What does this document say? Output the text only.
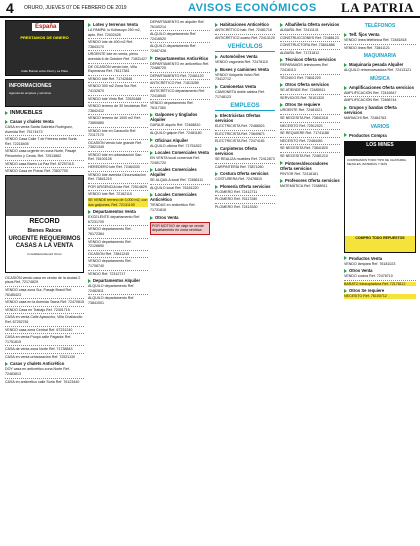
4 ORURO, JUEVES 07 DE FEBRERO DE 2019	AVISOS ECONÓMICOS LA PATRIA
España
PRESTAMOS DE DINERO
Calle Bolívar entre Petot y La Plata
INFORMACIONES
Agencia de empleos y servicios
INMUEBLES
Casas y chalets Venta
CASA en venta Santa Gabriela Rodríguez, Avenida Ref. 75174473
VENDO Casa Calle 7 de Febrero entre Soria. Ref. 72218405
VENDO casa urgente en zona Norte, Pasaje Pelourinho y Ceota. Ref. 72513862
VENDO casa Barrio La Paz Ref. 67297415
VENDO Casa en Potosí Ref. 73837700
RECORD
Bienes Raíces
URGENTE REQUERIMOS CASAS A LA VENTA
Inmobiliaria Record Oruro
OCASIÓN vendo casa en centro de la ciudad 2 pisos Ref. 72174829
VENDO casa zona Sur, Pasaje Brasil Ref. 76185423
VENDO casa en la Avenida Tacna Ref. 72470815
VENDO Casa en Trabajo Ref. 72401715
CASA en venta Calle Ayacucho, Villa Challacollo Ref. 67252781
VENDO casa zona Central Ref. 67231240
CASA en venta Poopó calle Pagador Ref. 71751815
CASA de venta zona Norte Ref. 71738843
CASA en venta urbanización Ref. 72521130
Casas y chalets Anticrético
DOY casa en anticrético zona Norte Ref. 72483813
CASA en anticrético calle Soria Ref. 76123440
Lotes y terrenos Venta
LA PAMPA: lo Kollasuyo 250 m2, apto. Ref. 72402428
VENDO lote de 400 m2 Ref. 73843170
URGENTE lote en venta, pleno avenida 6 de Octubre Ref. 71831427
DE OCASIÓN vendo lote, Villa Esperanza Ref. 76117381
VENDO lote Ref. 71742848
VENDO 300 m2 Zona Sur Ref. 74132870
VENDO lote Vinto Ref. 72520488
VENDO terreno de 30 hectáreas Ref. 73842412
VENDO terreno de 1000 m2 Ref. 73850880
VENDO lote en Caracollo Ref. 72117170
OCASIÓN vendo lote grande Ref. 73821345
VENDO lote en urbanización San Ref. 76100128
HEREDERO lote Ref. 72484330
VENDO lote avenida Circunvalación Ref. 73841219
POR URGENCIA lote Ref. 72514829
VENDO lote Ref. 72162110
SE VENDE terreno de 3,000 m2, con dos galpones, Ref. 72131190
Departamentos Venta
EXCELENTE departamento Ref. 67231700
VENDO departamento Ref. 76172384
VENDO departamento Ref. 72128890
OCASIÓN Ref. 73841245
VENDO departamento Ref. 71708740
VENDO Ref. 72312717
Departamentos Alquiler
ALQUILO departamento Ref. 72482811
ALQUILO departamento Ref. 73841001
DEPARTAMENTO en alquiler Ref. 76100214
ALQUILO departamento Ref. 72416520
ALQUILO departamento Ref. 72487428
Departamentos Anticrético
DEPARTAMENTO en anticrético Ref. 72488725
DEPARTAMENTO Ref. 72481120
ANTICRÉTICO Ref. 71813280
ANTICRÉTICO departamento Ref. 72418540
VENDO departamento Ref. 76117360
Galpones y tinglados Alquiler
GARAJE alquilo Ref. 72468810
ALQUILO galpón Ref. 72481180
Oficinas Alquiler
ALQUILO oficina Ref. 71751822
Locales Comerciales Venta
EN VENTA local comercial Ref. 72481720
Locales Comerciales Alquiler
SE ALQUILA local Ref. 72486111
ALQUILO local Ref. 76181220
Locales Comerciales Anticrético
TIENDAS en anticrético Ref. 71731818
Otros Venta
POR MOTIVO de viaje se vende departamento en zona céntrica
Habitaciones Anticrético
ANTICRÉTICO hab. Ref. 72481716
ANTICRÉTICO cuarto Ref. 72413120
VEHÍCULOS
Automóviles Venta
VENDO vagoneta Ref. 72478110
Buses y camiones Venta
VENDO Volqueta Volvo Ref. 73412712
Camionetas Venta
CAMIONETA doble cabina Ref. 71748123
EMPLEOS
Electricistas Ofertas servicios
ELECTRICISTA Ref. 72486521
ELECTRICISTA Ref. 73849871
ELECTRICISTA Ref. 72474181
Carpinteros Oferta servicios
SE REALIZA muebles Ref. 72412873
CARPINTERÍA Ref. 73871260
Costura Oferta servicios
COSTURERA Ref. 72478810
Plomería Oferta servicios
PLOMERO Ref. 72412711
PLOMERO Ref. 76117280
PLOMERO Ref. 72413330
Albañilería Oferta servicios
ALBAÑIL Ref. 72411141
CONSTRUCCIONES Ref. 72488123
CONSTRUCTORA Ref. 73841888
ALBAÑIL Ref. 71731812
Técnicos Oferta servicios
REPARAMOS televisores Ref. 72416113
TÉCNICO Ref. 73841220
Otros Oferta servicios
SE ATIENDE Ref. 72485511
SERVICIOS Ref. 76101320
Otros Se requiere
URGENTE Ref. 72481021
SE NECESITA Ref. 73841018
NECESITO Ref. 72512021
SE REQUIERE Ref. 71741188
NECESITO Ref. 72484451
SE NECESITA Ref. 73841820
SE NECESITA Ref. 72481210
Pintores/decoradores Oferta servicios
PINTOR Ref. 72418181
Profesores Oferta servicios
MATEMÁTICA Ref. 72488911
TELÉFONOS
Telf. fijos Venta
VENDO línea telefónica Ref. 72481818
VENDO línea Ref. 73841121
MAQUINARIA
Maquinaria pesada Alquiler
ALQUILO retroexcavadora Ref. 72413121
MÚSICA
Amplificaciones Oferta servicios
AMPLIFICACIÓN Ref. 72416547
AMPLIFICACIÓN Ref. 72486744
Grupos y bandas Oferta servicios
MARIACHI Ref. 72484763
VARIOS
Productos Compra
LOS MINES
COMPRAMOS TODO TIPO DE CHATARRA, METALES, BATERÍAS Y MÁS
COMPRO TODO REPUESTOS
Productos Venta
VENDO lámpara Ref. 76181023
Otros Venta
VENDO cocina Ref. 72478710
BARATO fotocopiadora Ref. 72178112
Otros Se requiere
NECESITO Ref. 76100712
